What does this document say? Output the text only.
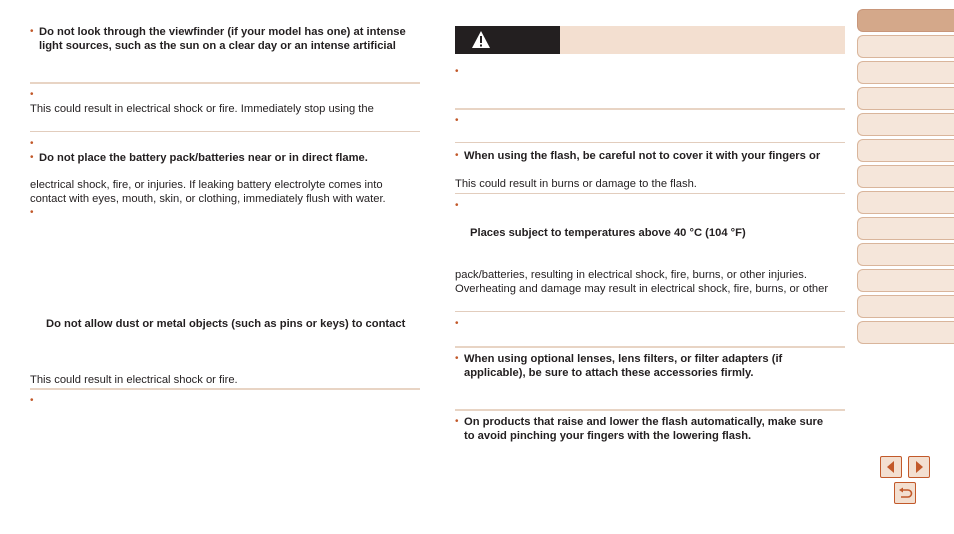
• Do not look through the viewfinder (if your model has one) at intense
light sources, such as the sun on a clear day or an intense artificial
•
This could result in electrical shock or fire. Immediately stop using the
•
• Do not place the battery pack/batteries near or in direct flame.
electrical shock, fire, or injuries. If leaking battery electrolyte comes into
contact with eyes, mouth, skin, or clothing, immediately flush with water.
•
Do not allow dust or metal objects (such as pins or keys) to contact
This could result in electrical shock or fire.
•
•
•
• When using the flash, be careful not to cover it with your fingers or
This could result in burns or damage to the flash.
•
Places subject to temperatures above 40 °C (104 °F)
pack/batteries, resulting in electrical shock, fire, burns, or other injuries.
Overheating and damage may result in electrical shock, fire, burns, or other
•
• When using optional lenses, lens filters, or filter adapters (if
applicable), be sure to attach these accessories firmly.
• On products that raise and lower the flash automatically, make sure
to avoid pinching your fingers with the lowering flash.
